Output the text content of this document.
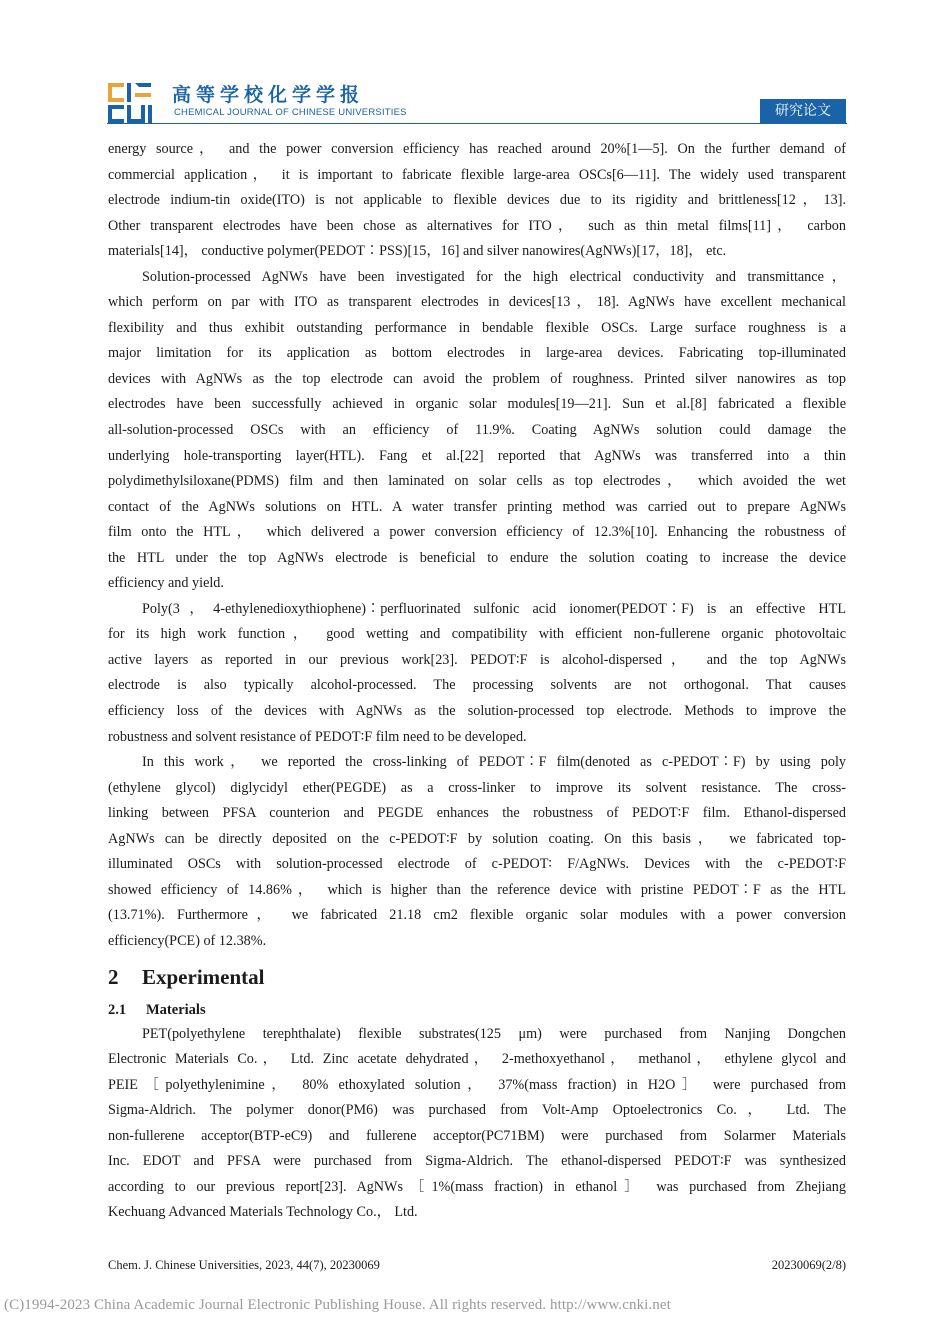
高等学校化学学报
CHEMICAL JOURNAL OF CHINESE UNIVERSITIES	研究论文
energy source， and the power conversion efficiency has reached around 20%[1—5]. On the further demand of
commercial application， it is important to fabricate flexible large-area OSCs[6—11]. The widely used transparent
electrode indium-tin oxide(ITO) is not applicable to flexible devices due to its rigidity and brittleness[12，13].
Other transparent electrodes have been chose as alternatives for ITO， such as thin metal films[11]， carbon
materials[14]， conductive polymer(PEDOT∶PSS)[15，16] and silver nanowires(AgNWs)[17，18]， etc.
Solution-processed AgNWs have been investigated for the high electrical conductivity and transmittance，
which perform on par with ITO as transparent electrodes in devices[13，18]. AgNWs have excellent mechanical
flexibility and thus exhibit outstanding performance in bendable flexible OSCs. Large surface roughness is a
major limitation for its application as bottom electrodes in large-area devices. Fabricating top-illuminated
devices with AgNWs as the top electrode can avoid the problem of roughness. Printed silver nanowires as top
electrodes have been successfully achieved in organic solar modules[19—21]. Sun et al.[8] fabricated a flexible
all-solution-processed OSCs with an efficiency of 11.9%. Coating AgNWs solution could damage the
underlying hole-transporting layer(HTL). Fang et al.[22] reported that AgNWs was transferred into a thin
polydimethylsiloxane(PDMS) film and then laminated on solar cells as top electrodes， which avoided the wet
contact of the AgNWs solutions on HTL. A water transfer printing method was carried out to prepare AgNWs
film onto the HTL， which delivered a power conversion efficiency of 12.3%[10]. Enhancing the robustness of
the HTL under the top AgNWs electrode is beneficial to endure the solution coating to increase the device
efficiency and yield.
Poly(3，4-ethylenedioxythiophene)∶perfluorinated sulfonic acid ionomer(PEDOT∶F) is an effective HTL
for its high work function， good wetting and compatibility with efficient non-fullerene organic photovoltaic
active layers as reported in our previous work[23]. PEDOT∶F is alcohol-dispersed， and the top AgNWs
electrode is also typically alcohol-processed. The processing solvents are not orthogonal. That causes
efficiency loss of the devices with AgNWs as the solution-processed top electrode. Methods to improve the
robustness and solvent resistance of PEDOT∶F film need to be developed.
In this work， we reported the cross-linking of PEDOT∶F film(denoted as c-PEDOT∶F) by using poly
(ethylene glycol) diglycidyl ether(PEGDE) as a cross-linker to improve its solvent resistance. The cross-
linking between PFSA counterion and PEGDE enhances the robustness of PEDOT∶F film. Ethanol-dispersed
AgNWs can be directly deposited on the c-PEDOT∶F by solution coating. On this basis， we fabricated top-
illuminated OSCs with solution-processed electrode of c-PEDOT∶ F/AgNWs. Devices with the c-PEDOT∶F
showed efficiency of 14.86%， which is higher than the reference device with pristine PEDOT∶F as the HTL
(13.71%). Furthermore， we fabricated 21.18 cm2 flexible organic solar modules with a power conversion
efficiency(PCE) of 12.38%.
2 Experimental
2.1 Materials
PET(polyethylene terephthalate) flexible substrates(125 μm) were purchased from Nanjing Dongchen
Electronic Materials Co.， Ltd. Zinc acetate dehydrated， 2-methoxyethanol， methanol， ethylene glycol and
PEIE［polyethylenimine， 80% ethoxylated solution， 37%(mass fraction) in H2O］ were purchased from
Sigma-Aldrich. The polymer donor(PM6) was purchased from Volt-Amp Optoelectronics Co.， Ltd. The
non-fullerene acceptor(BTP-eC9) and fullerene acceptor(PC71BM) were purchased from Solarmer Materials
Inc. EDOT and PFSA were purchased from Sigma-Aldrich. The ethanol-dispersed PEDOT∶F was synthesized
according to our previous report[23]. AgNWs［1%(mass fraction) in ethanol］ was purchased from Zhejiang
Kechuang Advanced Materials Technology Co.， Ltd.
Chem. J. Chinese Universities, 2023, 44(7), 20230069	20230069(2/8)
(C)1994-2023 China Academic Journal Electronic Publishing House. All rights reserved. http://www.cnki.net
